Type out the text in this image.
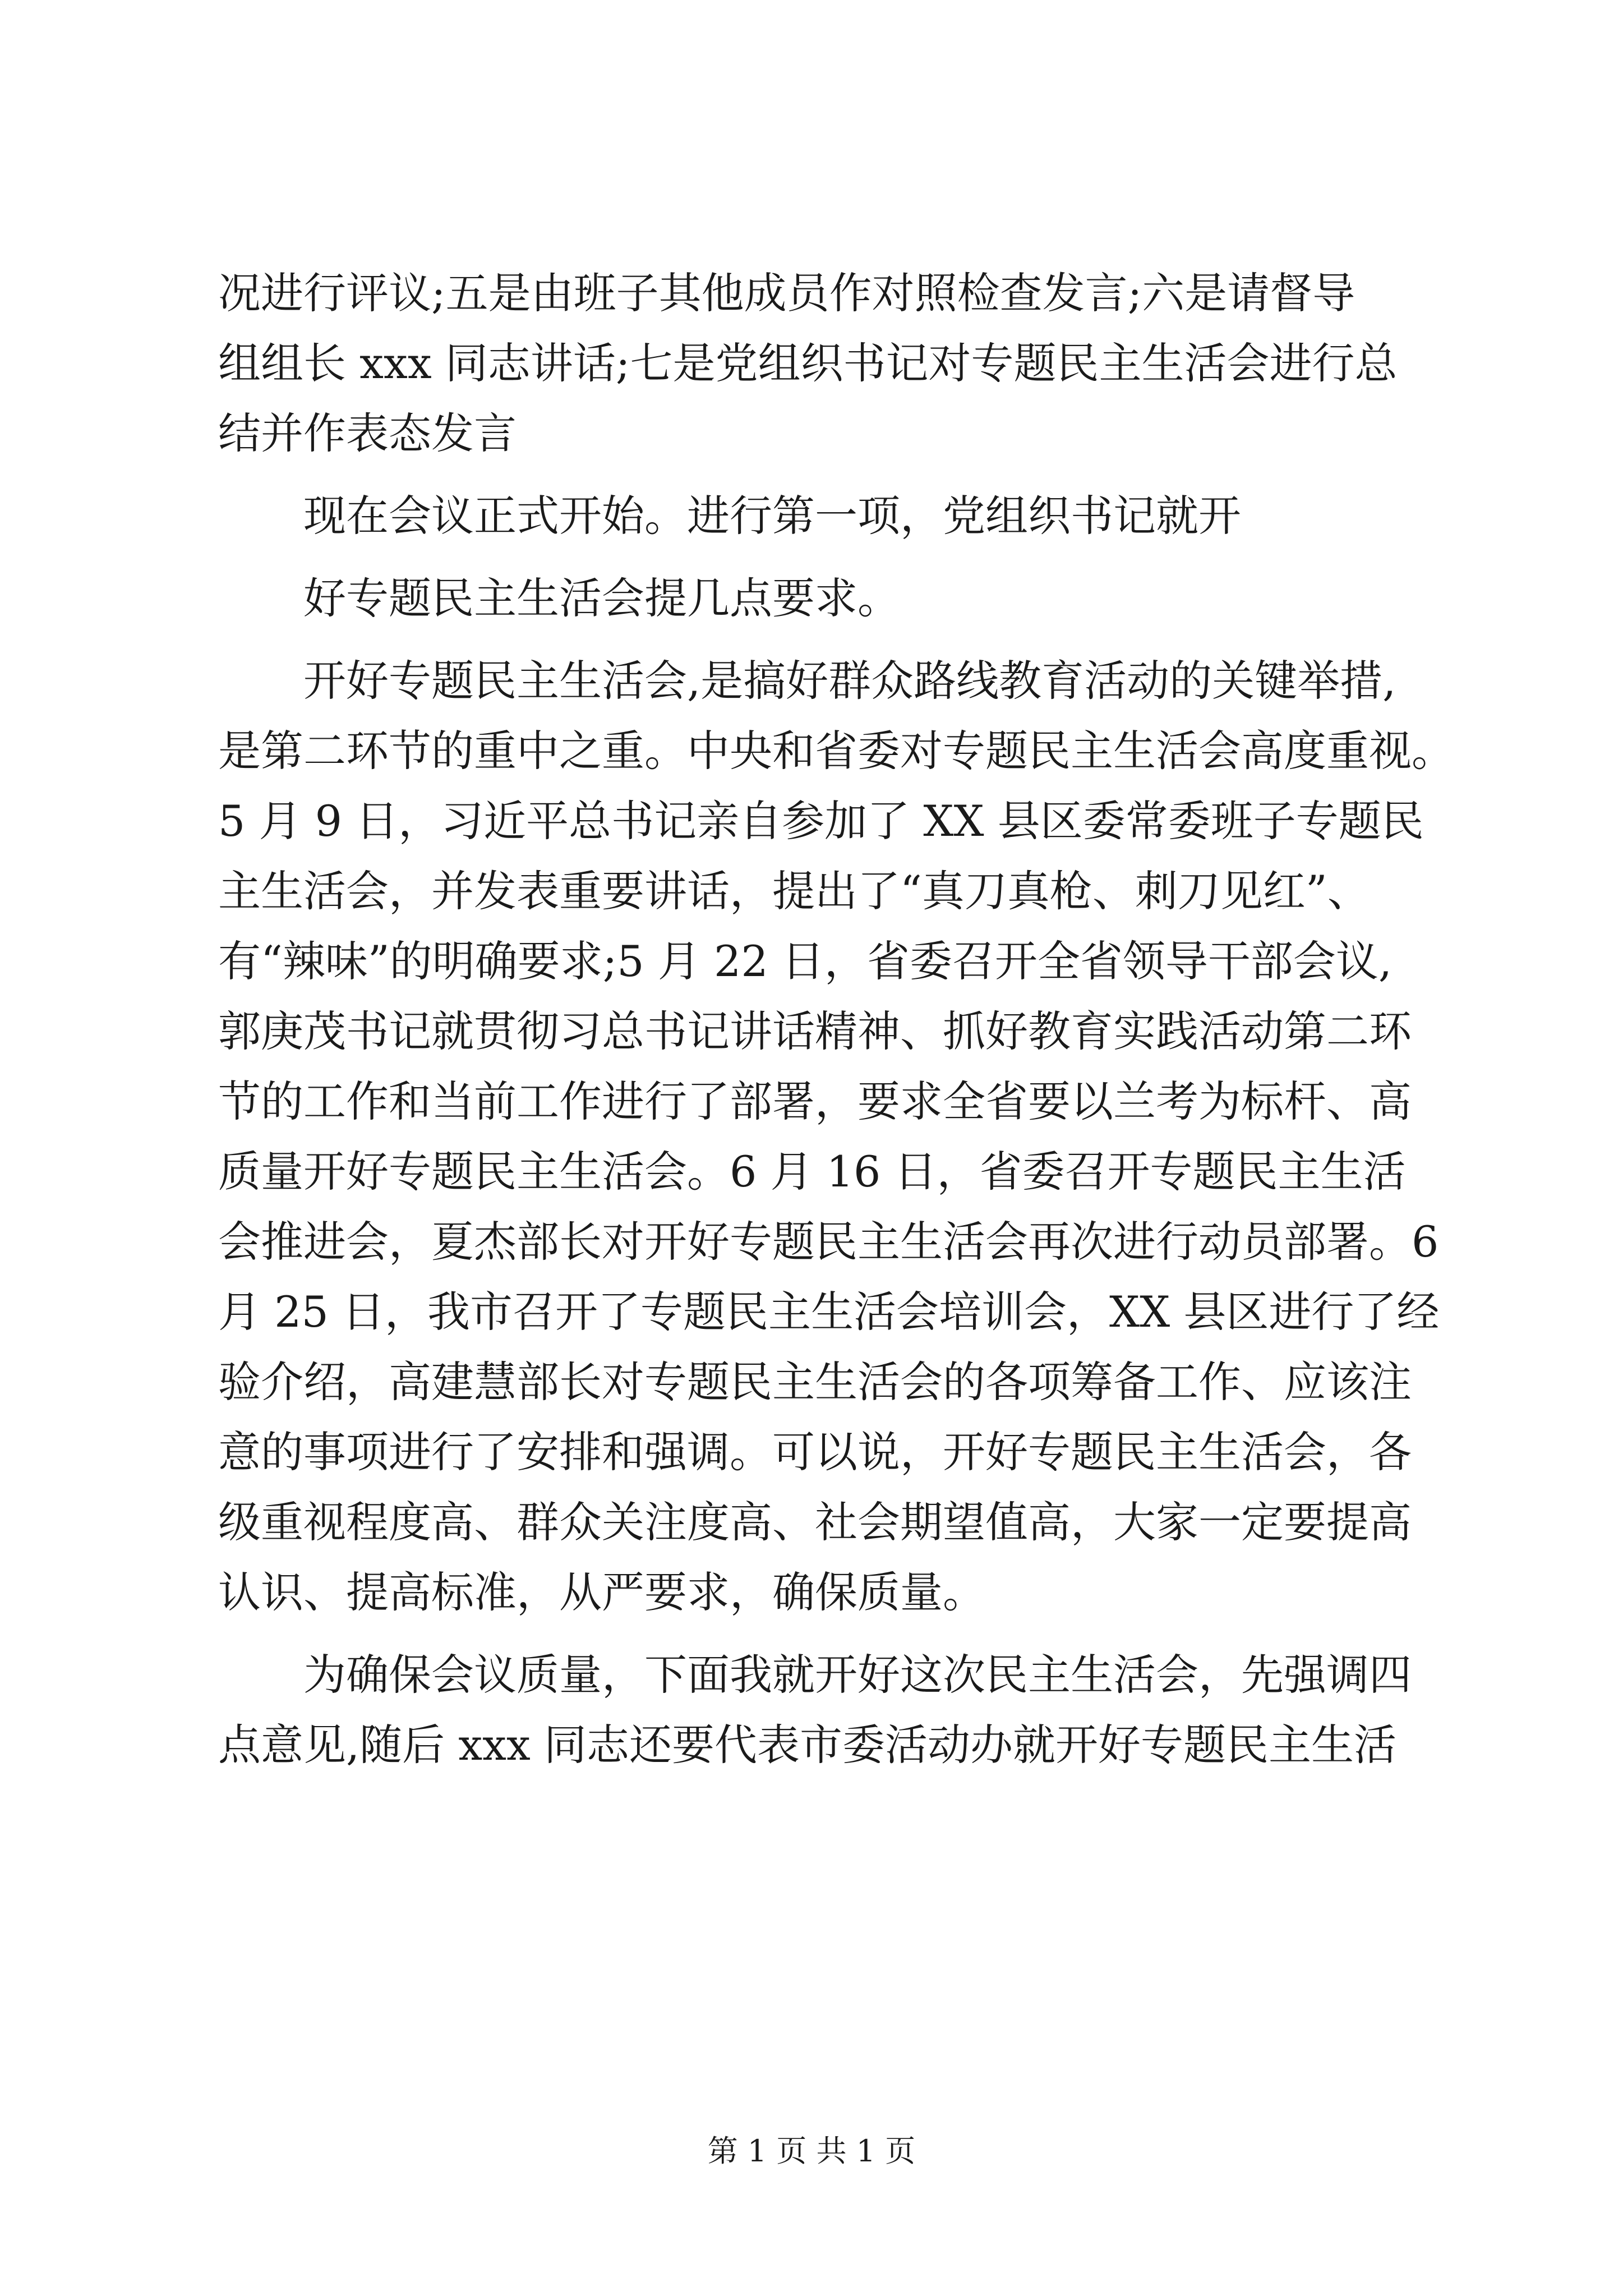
况进行评议;五是由班子其他成员作对照检查发言;六是请督导
组组长 xxx 同志讲话;七是党组织书记对专题民主生活会进行总
结并作表态发言
现在会议正式开始。进行第一项，党组织书记就开
好专题民主生活会提几点要求。
开好专题民主生活会,是搞好群众路线教育活动的关键举措,
是第二环节的重中之重。中央和省委对专题民主生活会高度重视。
5 月 9 日，习近平总书记亲自参加了 XX 县区委常委班子专题民
主生活会，并发表重要讲话，提出了“真刀真枪、刺刀见红”、
有“辣味”的明确要求;5 月 22 日，省委召开全省领导干部会议,
郭庚茂书记就贯彻习总书记讲话精神、抓好教育实践活动第二环
节的工作和当前工作进行了部署，要求全省要以兰考为标杆、高
质量开好专题民主生活会。6 月 16 日，省委召开专题民主生活
会推进会，夏杰部长对开好专题民主生活会再次进行动员部署。6
月 25 日，我市召开了专题民主生活会培训会，XX 县区进行了经
验介绍，高建慧部长对专题民主生活会的各项筹备工作、应该注
意的事项进行了安排和强调。可以说，开好专题民主生活会，各
级重视程度高、群众关注度高、社会期望值高，大家一定要提高
认识、提高标准，从严要求，确保质量。
为确保会议质量，下面我就开好这次民主生活会，先强调四
点意见,随后 xxx 同志还要代表市委活动办就开好专题民主生活
第 1 页 共 1 页
